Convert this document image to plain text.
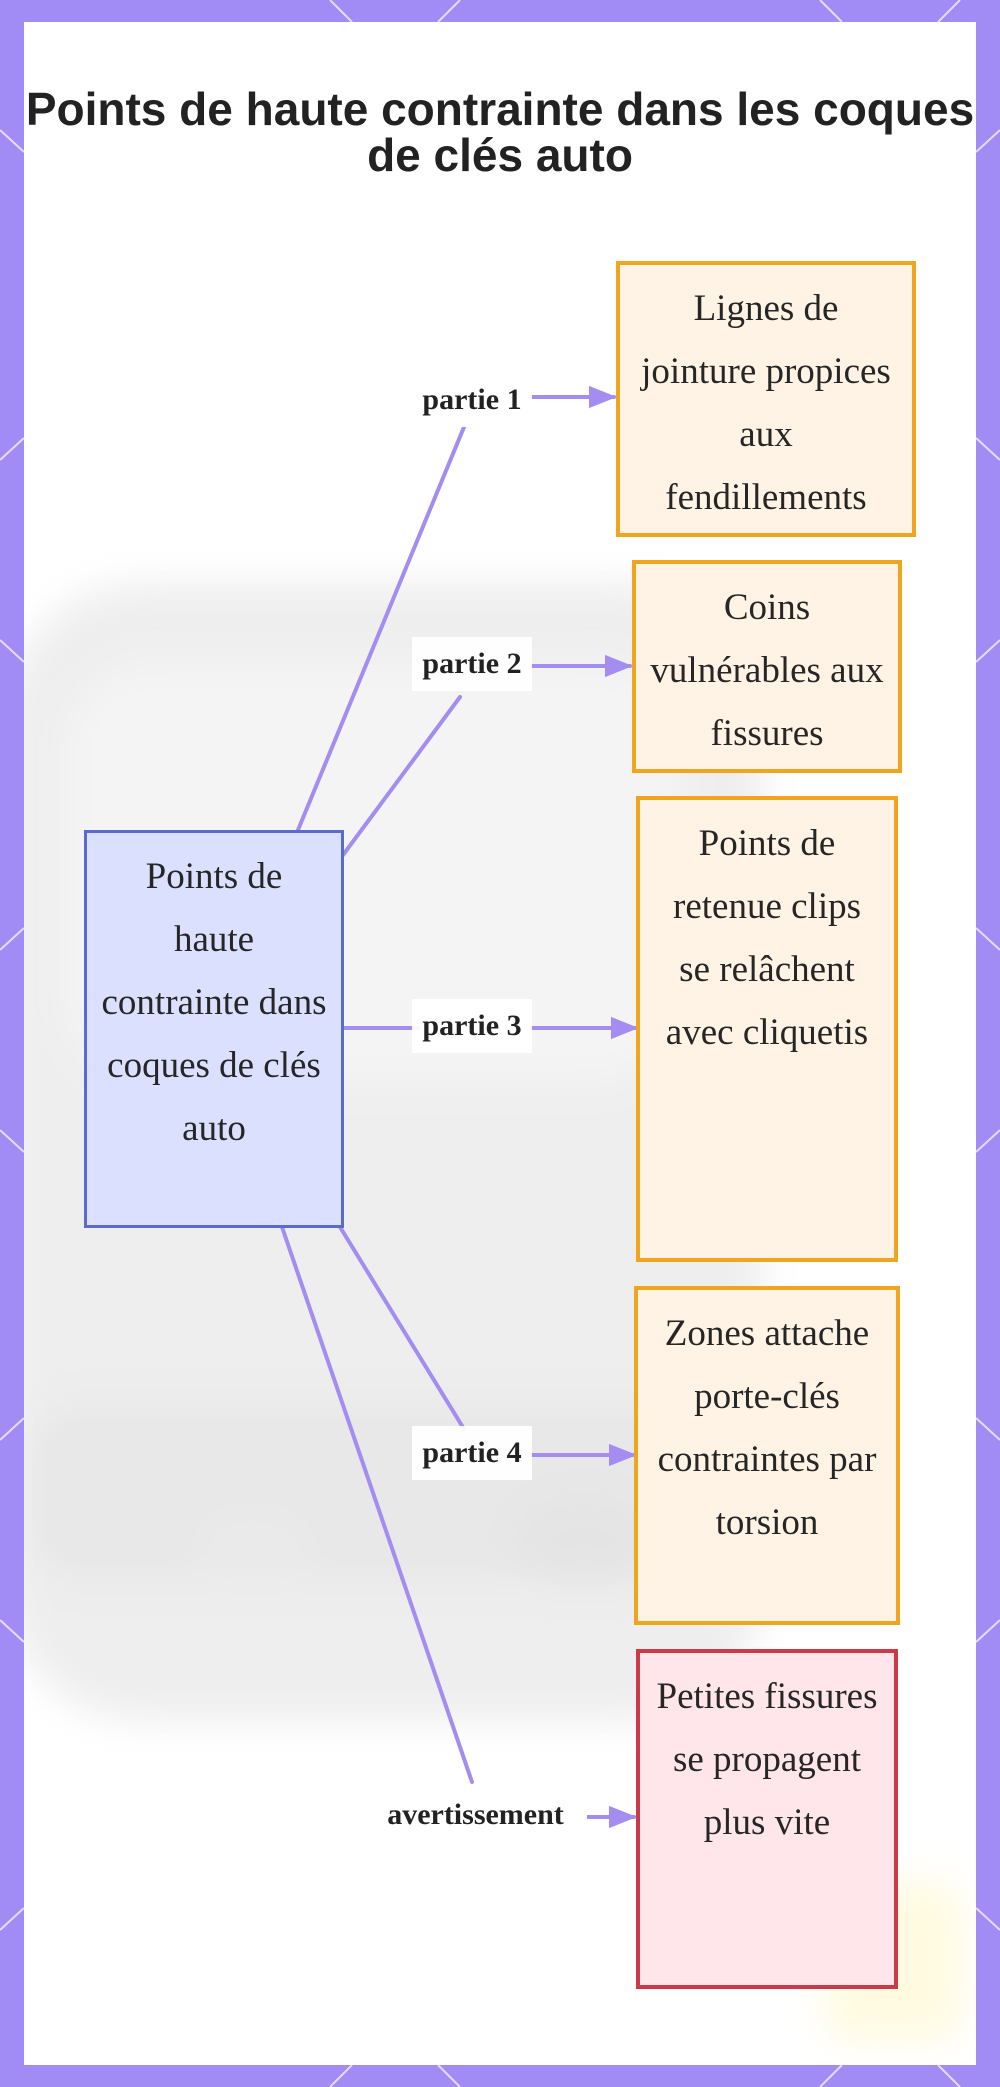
Points de haute contrainte dans les coques de clés auto
Points de haute contrainte dans coques de clés auto
partie 1
partie 2
partie 3
partie 4
avertissement
Lignes de jointure propices aux fendillements
Coins vulnérables aux fissures
Points de retenue clips se relâchent avec cliquetis
Zones attache porte-clés contraintes par torsion
Petites fissures se propagent plus vite
